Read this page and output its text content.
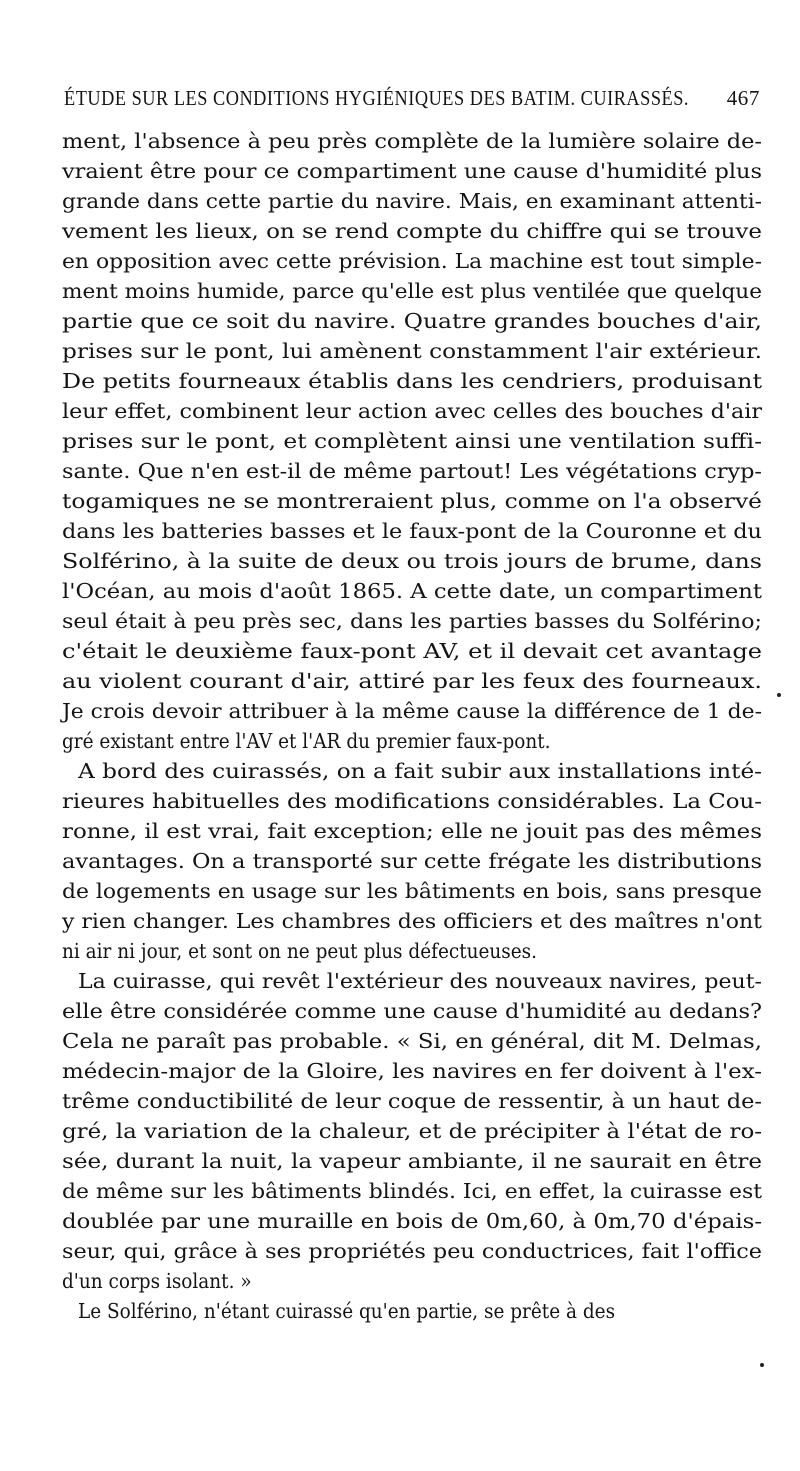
ÉTUDE SUR LES CONDITIONS HYGIÉNIQUES DES BATIM. CUIRASSÉS. 467
ment, l'absence à peu près complète de la lumière solaire de-
vraient être pour ce compartiment une cause d'humidité plus
grande dans cette partie du navire. Mais, en examinant attenti-
vement les lieux, on se rend compte du chiffre qui se trouve
en opposition avec cette prévision. La machine est tout simple-
ment moins humide, parce qu'elle est plus ventilée que quelque
partie que ce soit du navire. Quatre grandes bouches d'air,
prises sur le pont, lui amènent constamment l'air extérieur.
De petits fourneaux établis dans les cendriers, produisant
leur effet, combinent leur action avec celles des bouches d'air
prises sur le pont, et complètent ainsi une ventilation suffi-
sante. Que n'en est-il de même partout! Les végétations cryp-
togamiques ne se montreraient plus, comme on l'a observé
dans les batteries basses et le faux-pont de la Couronne et du
Solférino, à la suite de deux ou trois jours de brume, dans
l'Océan, au mois d'août 1865. A cette date, un compartiment
seul était à peu près sec, dans les parties basses du Solférino;
c'était le deuxième faux-pont AV, et il devait cet avantage
au violent courant d'air, attiré par les feux des fourneaux.
Je crois devoir attribuer à la même cause la différence de 1 de-
gré existant entre l'AV et l'AR du premier faux-pont.
A bord des cuirassés, on a fait subir aux installations inté-
rieures habituelles des modifications considérables. La Cou-
ronne, il est vrai, fait exception; elle ne jouit pas des mêmes
avantages. On a transporté sur cette frégate les distributions
de logements en usage sur les bâtiments en bois, sans presque
y rien changer. Les chambres des officiers et des maîtres n'ont
ni air ni jour, et sont on ne peut plus défectueuses.
La cuirasse, qui revêt l'extérieur des nouveaux navires, peut-
elle être considérée comme une cause d'humidité au dedans?
Cela ne paraît pas probable. « Si, en général, dit M. Delmas,
médecin-major de la Gloire, les navires en fer doivent à l'ex-
trême conductibilité de leur coque de ressentir, à un haut de-
gré, la variation de la chaleur, et de précipiter à l'état de ro-
sée, durant la nuit, la vapeur ambiante, il ne saurait en être
de même sur les bâtiments blindés. Ici, en effet, la cuirasse est
doublée par une muraille en bois de 0m,60, à 0m,70 d'épais-
seur, qui, grâce à ses propriétés peu conductrices, fait l'office
d'un corps isolant. »
Le Solférino, n'étant cuirassé qu'en partie, se prête à des
